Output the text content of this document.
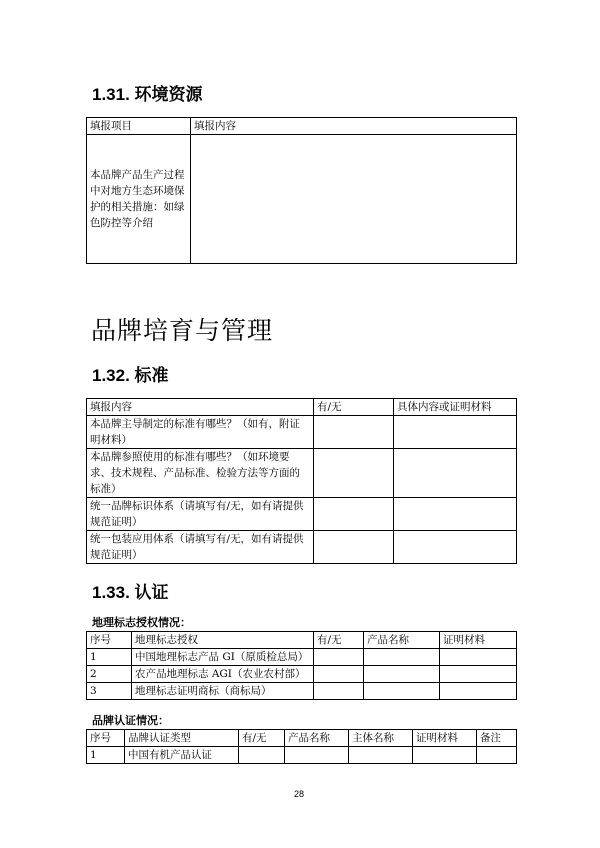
1.31. 环境资源
填报项目	填报内容
本品牌产品生产过程中对地方生态环境保护的相关措施：如绿色防控等介绍	
品牌培育与管理
1.32. 标准
填报内容	有/无	具体内容或证明材料
本品牌主导制定的标准有哪些？（如有，附证明材料）		
本品牌参照使用的标准有哪些？（如环境要求、技术规程、产品标准、检验方法等方面的标准）		
统一品牌标识体系（请填写有/无，如有请提供规范证明）		
统一包装应用体系（请填写有/无，如有请提供规范证明）		
1.33. 认证
地理标志授权情况：
序号	地理标志授权	有/无	产品名称	证明材料
1	中国地理标志产品 GI（原质检总局）			
2	农产品地理标志 AGI（农业农村部）			
3	地理标志证明商标（商标局）			
品牌认证情况：
序号	品牌认证类型	有/无	产品名称	主体名称	证明材料	备注
1	中国有机产品认证					
28
